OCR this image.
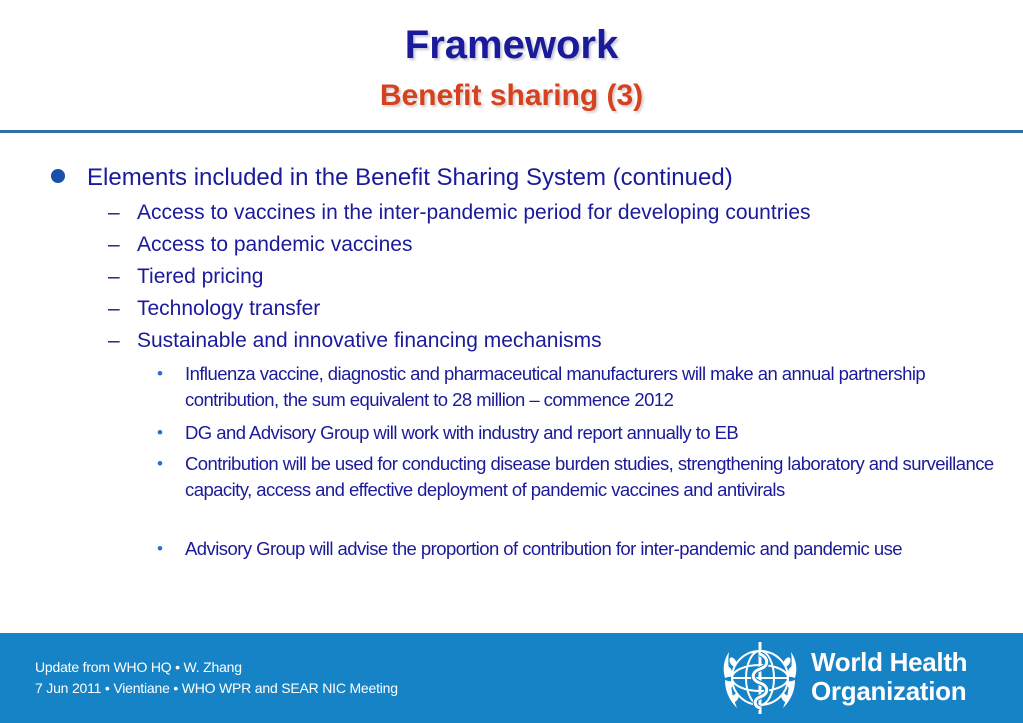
Framework
Benefit sharing (3)
Elements included in the Benefit Sharing System (continued)
– Access to vaccines in the inter-pandemic period for developing countries
– Access to pandemic vaccines
– Tiered pricing
– Technology transfer
– Sustainable and innovative financing mechanisms
• Influenza vaccine, diagnostic and pharmaceutical manufacturers will make an annual partnership contribution, the sum equivalent to 28 million – commence 2012
• DG and Advisory Group will work with industry and report annually to EB
• Contribution will be used for conducting disease burden studies, strengthening laboratory and surveillance capacity, access and effective deployment of pandemic vaccines and antivirals
• Advisory Group will advise the proportion of contribution for inter-pandemic and pandemic use
Update from WHO HQ • W. Zhang
7 Jun 2011 • Vientiane • WHO WPR and SEAR NIC Meeting
World Health
Organization
